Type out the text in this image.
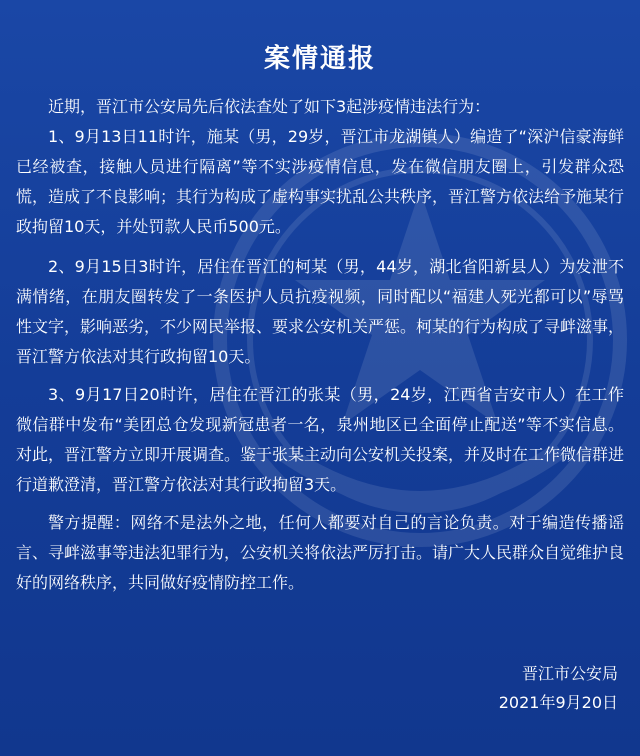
案情通报
近期，晋江市公安局先后依法查处了如下3起涉疫情违法行为：
1、9月13日11时许，施某（男，29岁，晋江市龙湖镇人）编造了“深沪信豪海鲜已经被查，接触人员进行隔离”等不实涉疫情信息，发在微信朋友圈上，引发群众恐慌，造成了不良影响；其行为构成了虚构事实扰乱公共秩序，晋江警方依法给予施某行政拘留10天，并处罚款人民币500元。
2、9月15日3时许，居住在晋江的柯某（男，44岁，湖北省阳新县人）为发泄不满情绪，在朋友圈转发了一条医护人员抗疫视频，同时配以“福建人死光都可以”辱骂性文字，影响恶劣，不少网民举报、要求公安机关严惩。柯某的行为构成了寻衅滋事，晋江警方依法对其行政拘留10天。
3、9月17日20时许，居住在晋江的张某（男，24岁，江西省吉安市人）在工作微信群中发布“美团总仓发现新冠患者一名，泉州地区已全面停止配送”等不实信息。对此，晋江警方立即开展调查。鉴于张某主动向公安机关投案，并及时在工作微信群进行道歉澄清，晋江警方依法对其行政拘留3天。
警方提醒：网络不是法外之地，任何人都要对自己的言论负责。对于编造传播谣言、寻衅滋事等违法犯罪行为，公安机关将依法严厉打击。请广大人民群众自觉维护良好的网络秩序，共同做好疫情防控工作。
晋江市公安局
2021年9月20日
